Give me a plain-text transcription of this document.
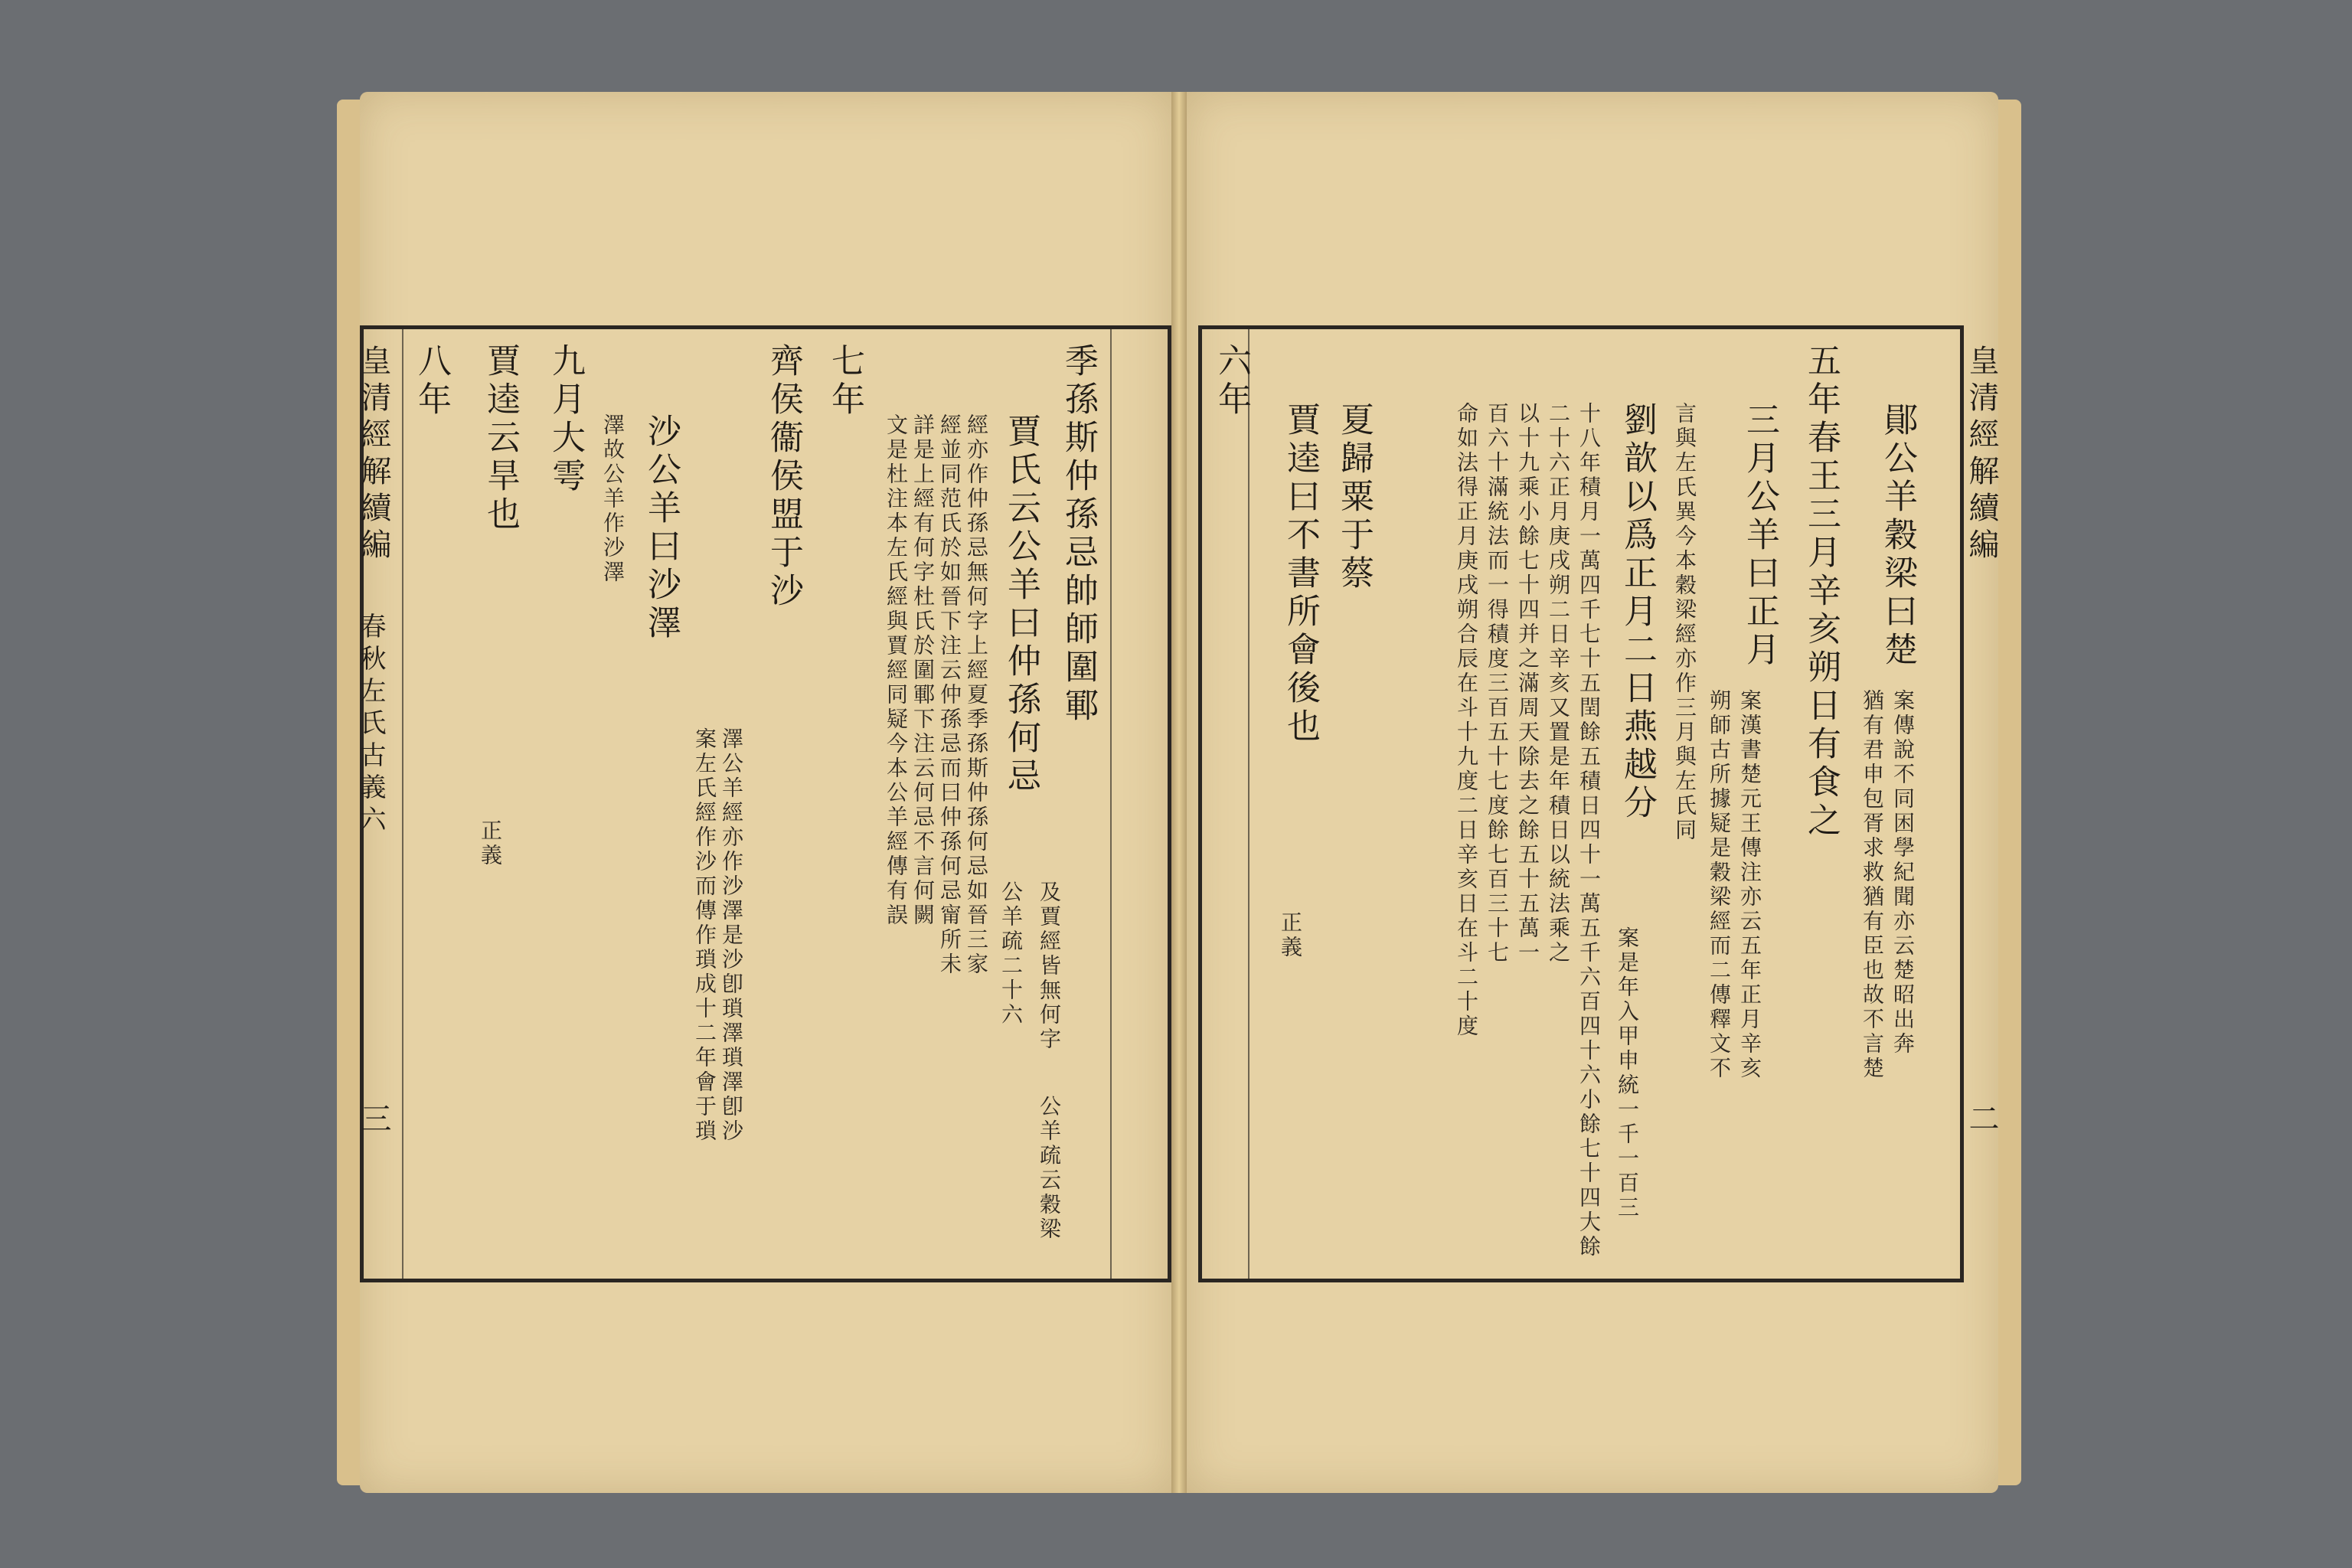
八年 賈逵云旱也
正義
九月大雩 澤故公羊作沙澤 沙公羊曰沙澤
案左氏經作沙而傳作瑣成十二年會于瑣 澤公羊經亦作沙澤是沙卽瑣澤瑣澤卽沙
齊侯衞侯盟于沙 七年
文是杜注本左氏經與賈經同疑今本公羊經傳有誤 詳是上經有何字杜氏於圍鄆下注云何忌不言何闕 經並同范氏於如晉下注云仲孫忌而曰仲孫何忌甯所未 經亦作仲孫忌無何字上經夏季孫斯仲孫何忌如晉三家 賈氏云公羊曰仲孫何忌
公羊疏二十六 及賈經皆無何字
公羊疏云穀梁
季孫斯仲孫忌帥師圍鄆
皇清經解續編
春秋左氏古義六
三
六年
賈逵曰不書所會後也
正義
夏歸粟于蔡	命如法得正月庚戌朔合辰在斗十九度二日辛亥日在斗二十度 百六十滿統法而一得積度三百五十七度餘七百三十七 以十九乘小餘七十四并之滿周天除去之餘五十五萬一 二十六正月庚戌朔二日辛亥又置是年積日以統法乘之 十八年積月一萬四千七十五閏餘五積日四十一萬五千六百四十六小餘七十四大餘 劉歆以爲正月二日燕越分
案是年入甲申統一千一百三
言與左氏異今本穀梁經亦作三月與左氏同
朔師古所據疑是穀梁經而二傳釋文不 案漢書楚元王傳注亦云五年正月辛亥
三月公羊曰正月 五年春王三月辛亥朔日有食之
猶有君申包胥求救猶有臣也故不言楚 案傳說不同困學紀聞亦云楚昭出奔
鄖公羊穀梁曰楚 皇清經解續編
二
